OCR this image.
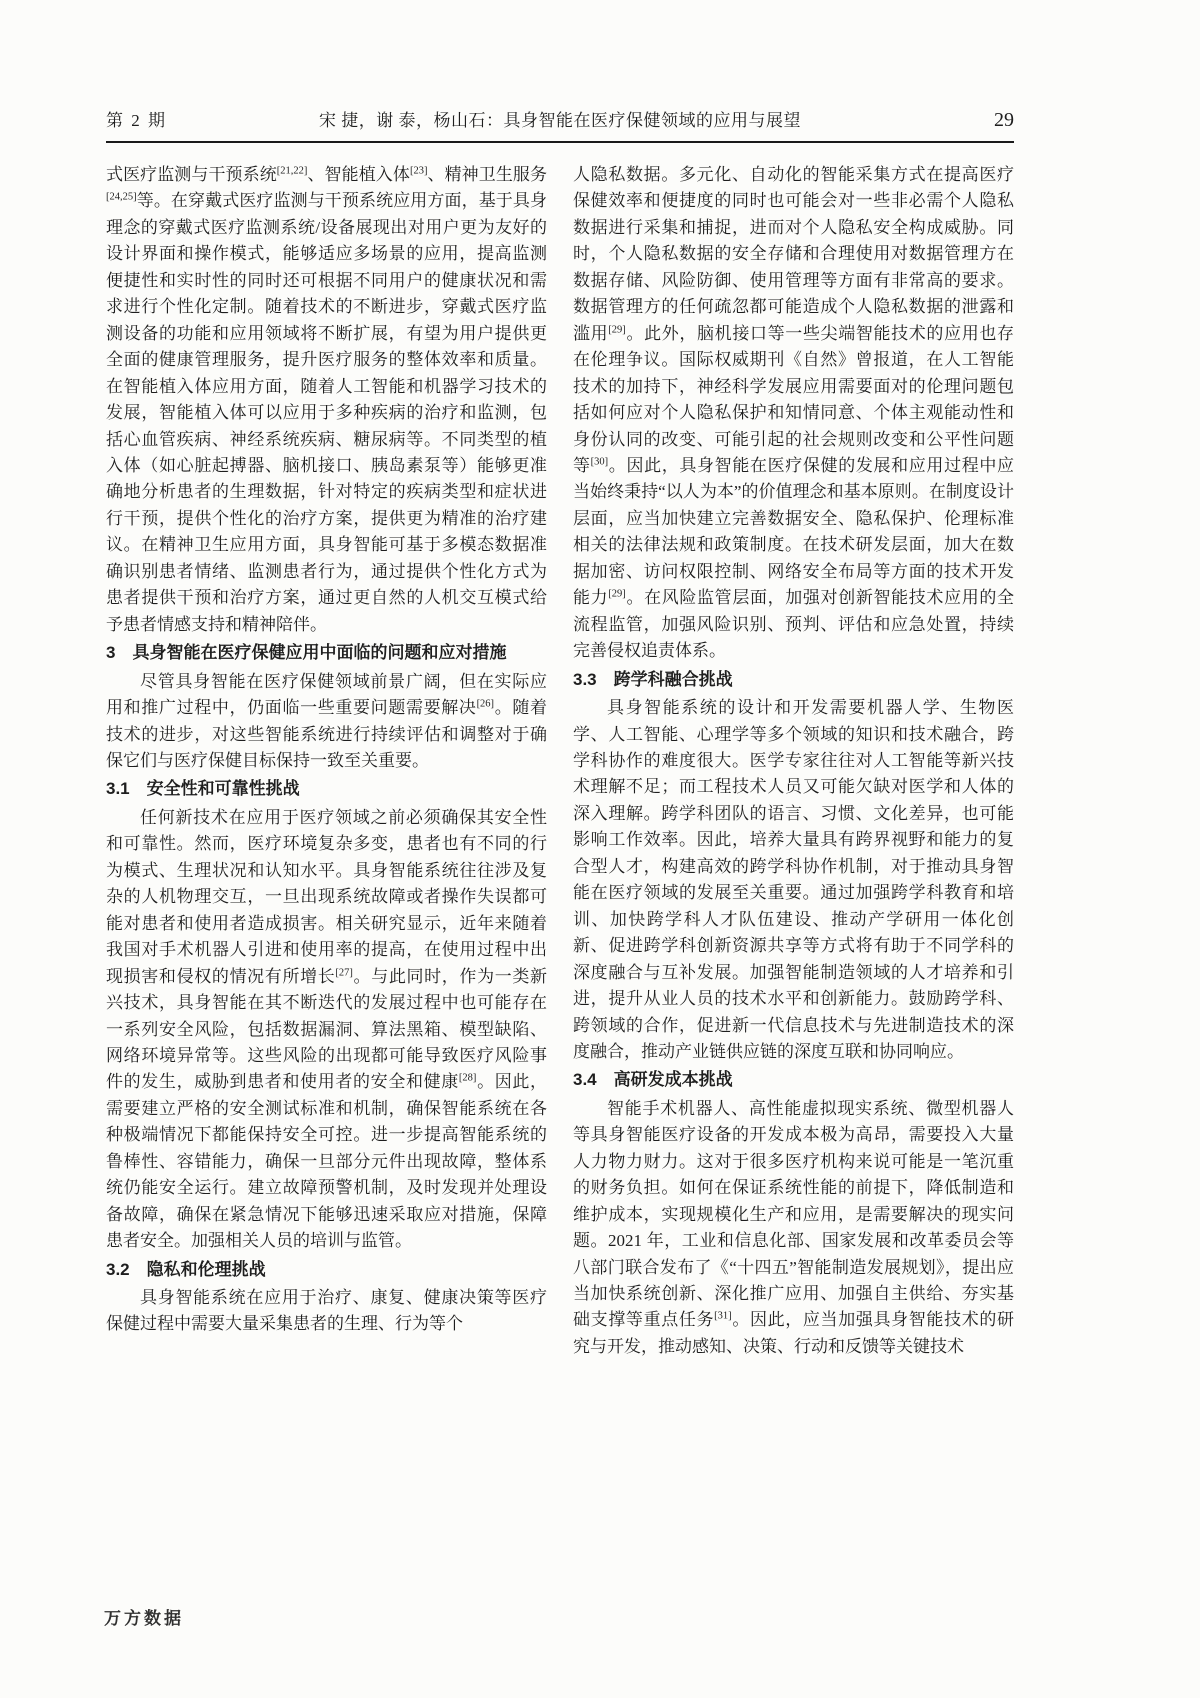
第 2 期	宋 捷，谢 泰，杨山石：具身智能在医疗保健领域的应用与展望	29

式医疗监测与干预系统[21,22]、智能植入体[23]、精神卫生服务[24,25]等。在穿戴式医疗监测与干预系统应用方面，基于具身理念的穿戴式医疗监测系统/设备展现出对用户更为友好的设计界面和操作模式，能够适应多场景的应用，提高监测便捷性和实时性的同时还可根据不同用户的健康状况和需求进行个性化定制。随着技术的不断进步，穿戴式医疗监测设备的功能和应用领域将不断扩展，有望为用户提供更全面的健康管理服务，提升医疗服务的整体效率和质量。在智能植入体应用方面，随着人工智能和机器学习技术的发展，智能植入体可以应用于多种疾病的治疗和监测，包括心血管疾病、神经系统疾病、糖尿病等。不同类型的植入体（如心脏起搏器、脑机接口、胰岛素泵等）能够更准确地分析患者的生理数据，针对特定的疾病类型和症状进行干预，提供个性化的治疗方案，提供更为精准的治疗建议。在精神卫生应用方面，具身智能可基于多模态数据准确识别患者情绪、监测患者行为，通过提供个性化方式为患者提供干预和治疗方案，通过更自然的人机交互模式给予患者情感支持和精神陪伴。

3　具身智能在医疗保健应用中面临的问题和应对措施

尽管具身智能在医疗保健领域前景广阔，但在实际应用和推广过程中，仍面临一些重要问题需要解决[26]。随着技术的进步，对这些智能系统进行持续评估和调整对于确保它们与医疗保健目标保持一致至关重要。

3.1　安全性和可靠性挑战

任何新技术在应用于医疗领域之前必须确保其安全性和可靠性。然而，医疗环境复杂多变，患者也有不同的行为模式、生理状况和认知水平。具身智能系统往往涉及复杂的人机物理交互，一旦出现系统故障或者操作失误都可能对患者和使用者造成损害。相关研究显示，近年来随着我国对手术机器人引进和使用率的提高，在使用过程中出现损害和侵权的情况有所增长[27]。与此同时，作为一类新兴技术，具身智能在其不断迭代的发展过程中也可能存在一系列安全风险，包括数据漏洞、算法黑箱、模型缺陷、网络环境异常等。这些风险的出现都可能导致医疗风险事件的发生，威胁到患者和使用者的安全和健康[28]。因此，需要建立严格的安全测试标准和机制，确保智能系统在各种极端情况下都能保持安全可控。进一步提高智能系统的鲁棒性、容错能力，确保一旦部分元件出现故障，整体系统仍能安全运行。建立故障预警机制，及时发现并处理设备故障，确保在紧急情况下能够迅速采取应对措施，保障患者安全。加强相关人员的培训与监管。

3.2　隐私和伦理挑战

具身智能系统在应用于治疗、康复、健康决策等医疗保健过程中需要大量采集患者的生理、行为等个

人隐私数据。多元化、自动化的智能采集方式在提高医疗保健效率和便捷度的同时也可能会对一些非必需个人隐私数据进行采集和捕捉，进而对个人隐私安全构成威胁。同时，个人隐私数据的安全存储和合理使用对数据管理方在数据存储、风险防御、使用管理等方面有非常高的要求。数据管理方的任何疏忽都可能造成个人隐私数据的泄露和滥用[29]。此外，脑机接口等一些尖端智能技术的应用也存在伦理争议。国际权威期刊《自然》曾报道，在人工智能技术的加持下，神经科学发展应用需要面对的伦理问题包括如何应对个人隐私保护和知情同意、个体主观能动性和身份认同的改变、可能引起的社会规则改变和公平性问题等[30]。因此，具身智能在医疗保健的发展和应用过程中应当始终秉持“以人为本”的价值理念和基本原则。在制度设计层面，应当加快建立完善数据安全、隐私保护、伦理标准相关的法律法规和政策制度。在技术研发层面，加大在数据加密、访问权限控制、网络安全布局等方面的技术开发能力[29]。在风险监管层面，加强对创新智能技术应用的全流程监管，加强风险识别、预判、评估和应急处置，持续完善侵权追责体系。

3.3　跨学科融合挑战

具身智能系统的设计和开发需要机器人学、生物医学、人工智能、心理学等多个领域的知识和技术融合，跨学科协作的难度很大。医学专家往往对人工智能等新兴技术理解不足；而工程技术人员又可能欠缺对医学和人体的深入理解。跨学科团队的语言、习惯、文化差异，也可能影响工作效率。因此，培养大量具有跨界视野和能力的复合型人才，构建高效的跨学科协作机制，对于推动具身智能在医疗领域的发展至关重要。通过加强跨学科教育和培训、加快跨学科人才队伍建设、推动产学研用一体化创新、促进跨学科创新资源共享等方式将有助于不同学科的深度融合与互补发展。加强智能制造领域的人才培养和引进，提升从业人员的技术水平和创新能力。鼓励跨学科、跨领域的合作，促进新一代信息技术与先进制造技术的深度融合，推动产业链供应链的深度互联和协同响应。

3.4　高研发成本挑战

智能手术机器人、高性能虚拟现实系统、微型机器人等具身智能医疗设备的开发成本极为高昂，需要投入大量人力物力财力。这对于很多医疗机构来说可能是一笔沉重的财务负担。如何在保证系统性能的前提下，降低制造和维护成本，实现规模化生产和应用，是需要解决的现实问题。2021 年，工业和信息化部、国家发展和改革委员会等八部门联合发布了《“十四五”智能制造发展规划》，提出应当加快系统创新、深化推广应用、加强自主供给、夯实基础支撑等重点任务[31]。因此，应当加强具身智能技术的研究与开发，推动感知、决策、行动和反馈等关键技术

万方数据
